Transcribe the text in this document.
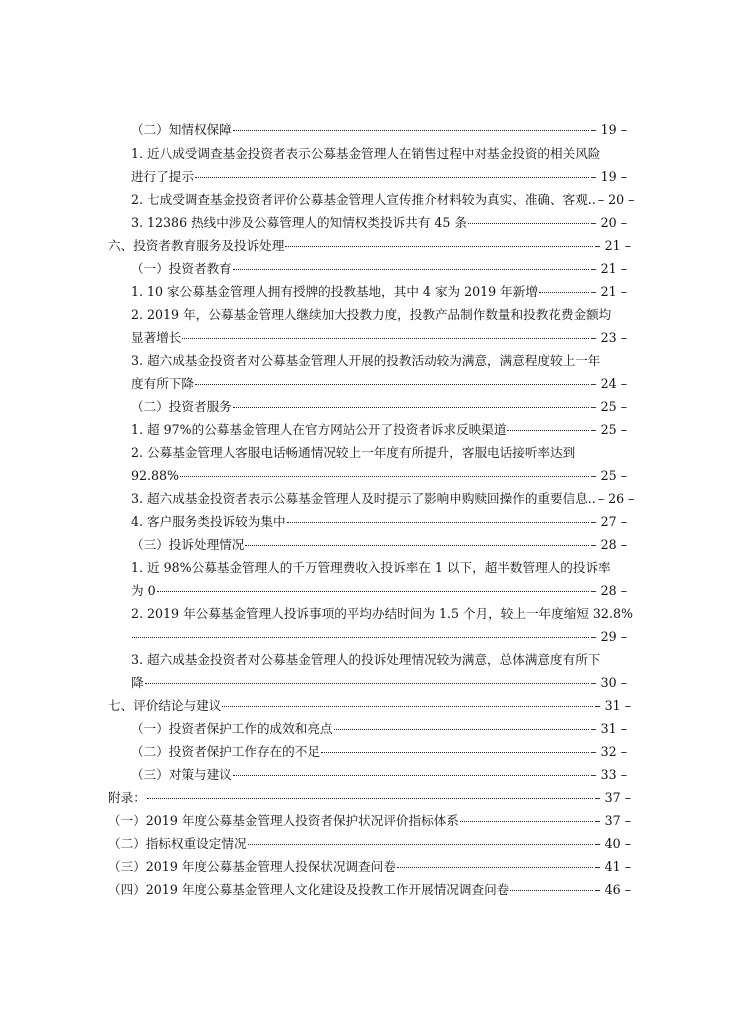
（二）知情权保障	– 19 –
1. 近八成受调查基金投资者表示公募基金管理人在销售过程中对基金投资的相关风险
进行了提示	– 19 –
2. 七成受调查基金投资者评价公募基金管理人宣传推介材料较为真实、准确、客观.. – 20 –
3. 12386 热线中涉及公募管理人的知情权类投诉共有 45 条	– 20 –
六、投资者教育服务及投诉处理	– 21 –
（一）投资者教育	– 21 –
1. 10 家公募基金管理人拥有授牌的投教基地，其中 4 家为 2019 年新增	– 21 –
2. 2019 年，公募基金管理人继续加大投教力度，投教产品制作数量和投教花费金额均
显著增长	– 23 –
3. 超六成基金投资者对公募基金管理人开展的投教活动较为满意，满意程度较上一年
度有所下降	– 24 –
（二）投资者服务	– 25 –
1. 超 97%的公募基金管理人在官方网站公开了投资者诉求反映渠道	– 25 –
2. 公募基金管理人客服电话畅通情况较上一年度有所提升，客服电话接听率达到
92.88%	– 25 –
3. 超六成基金投资者表示公募基金管理人及时提示了影响申购赎回操作的重要信息.. – 26 –
4. 客户服务类投诉较为集中	– 27 –
（三）投诉处理情况	– 28 –
1. 近 98%公募基金管理人的千万管理费收入投诉率在 1 以下，超半数管理人的投诉率
为 0	– 28 –
2. 2019 年公募基金管理人投诉事项的平均办结时间为 1.5 个月，较上一年度缩短 32.8%
– 29 –
3. 超六成基金投资者对公募基金管理人的投诉处理情况较为满意，总体满意度有所下
降	– 30 –
七、评价结论与建议	– 31 –
（一）投资者保护工作的成效和亮点	– 31 –
（二）投资者保护工作存在的不足	– 32 –
（三）对策与建议	– 33 –
附录：	– 37 –
（一）2019 年度公募基金管理人投资者保护状况评价指标体系	– 37 –
（二）指标权重设定情况	– 40 –
（三）2019 年度公募基金管理人投保状况调查问卷	– 41 –
（四）2019 年度公募基金管理人文化建设及投教工作开展情况调查问卷	– 46 –
